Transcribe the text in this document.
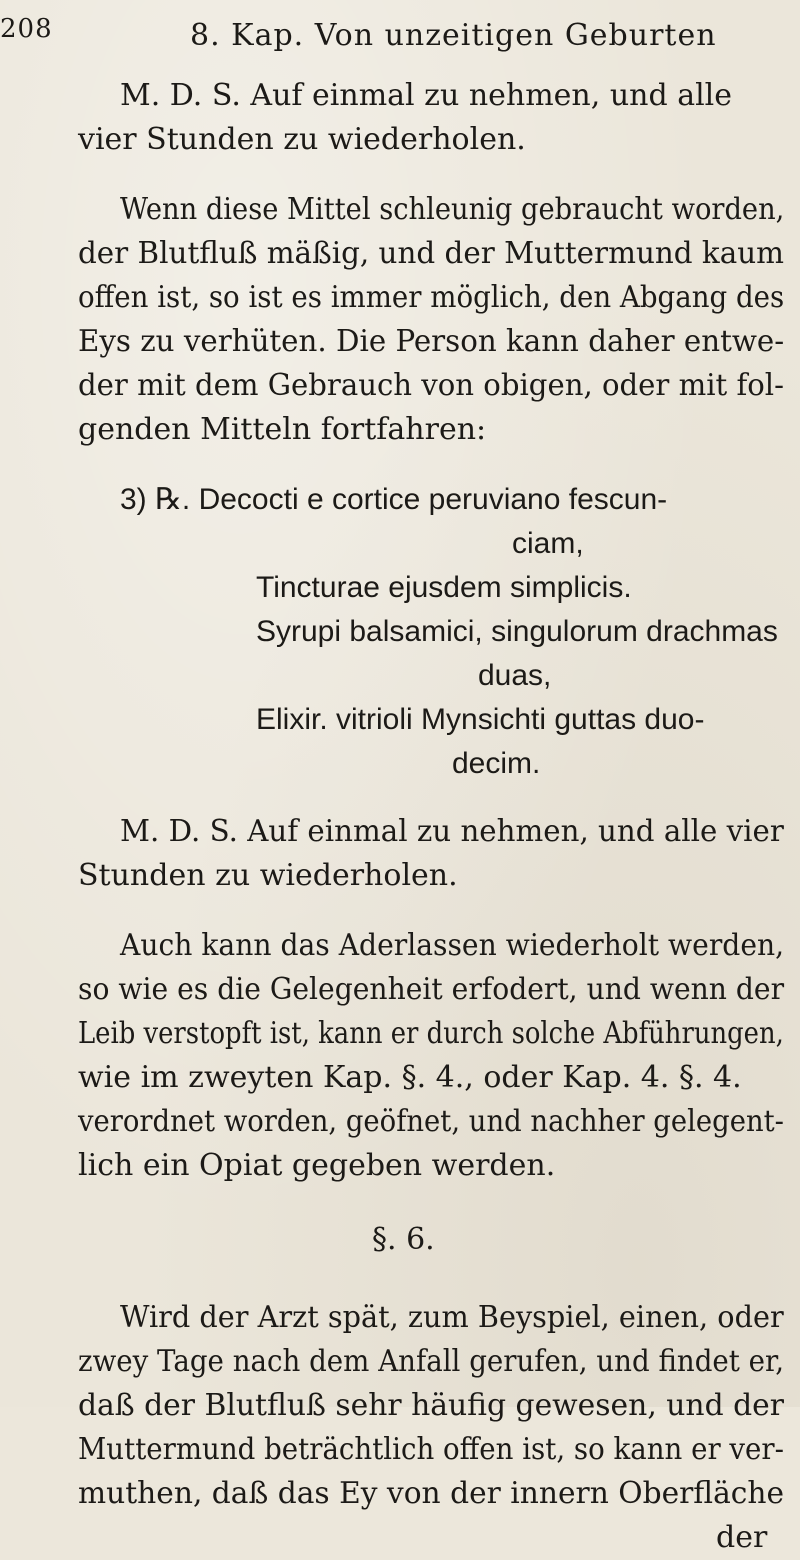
208	8. Kap. Von unzeitigen Geburten
M. D. S. Auf einmal zu nehmen, und alle
vier Stunden zu wiederholen.
Wenn diese Mittel schleunig gebraucht worden,
der Blutfluß mäßig, und der Muttermund kaum
offen ist, so ist es immer möglich, den Abgang des
Eys zu verhüten. Die Person kann daher entwe-
der mit dem Gebrauch von obigen, oder mit fol-
genden Mitteln fortfahren:
3) ℞. Decocti e cortice peruviano fescun-
ciam,
Tincturae ejusdem simplicis.
Syrupi balsamici, singulorum drachmas
duas,
Elixir. vitrioli Mynsichti guttas duo-
decim.
M. D. S. Auf einmal zu nehmen, und alle vier
Stunden zu wiederholen.
Auch kann das Aderlassen wiederholt werden,
so wie es die Gelegenheit erfodert, und wenn der
Leib verstopft ist, kann er durch solche Abführungen,
wie im zweyten Kap. §. 4., oder Kap. 4. §. 4.
verordnet worden, geöfnet, und nachher gelegent-
lich ein Opiat gegeben werden.
§. 6.
Wird der Arzt spät, zum Beyspiel, einen, oder
zwey Tage nach dem Anfall gerufen, und findet er,
daß der Blutfluß sehr häufig gewesen, und der
Muttermund beträchtlich offen ist, so kann er ver-
muthen, daß das Ey von der innern Oberfläche
der
